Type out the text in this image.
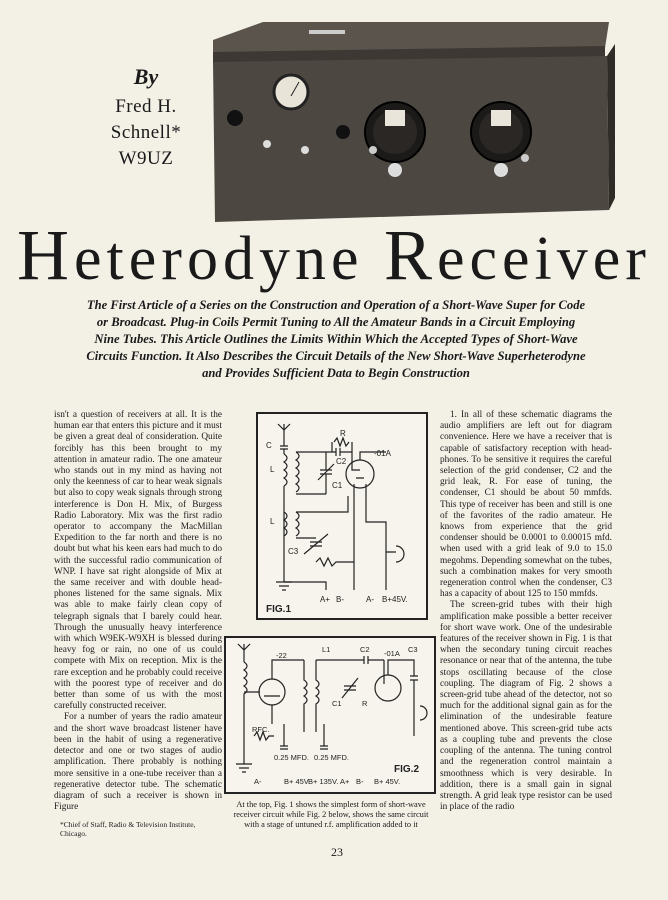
By
Fred H.
Schnell*
W9UZ
Heterodyne Receiver
The First Article of a Series on the Construction and Operation of a Short-Wave Super for Code or Broadcast. Plug-in Coils Permit Tuning to All the Amateur Bands in a Circuit Employing Nine Tubes. This Article Outlines the Limits Within Which the Accepted Types of Short-Wave Circuits Function. It Also Describes the Circuit Details of the New Short-Wave Superheterodyne and Provides Sufficient Data to Begin Construction

isn't a question of receivers at all. It is the human ear that enters this picture and it must be given a great deal of consideration. Quite forcibly has this been brought to my attention in amateur radio. The one amateur who stands out in my mind as having not only the keenness of car to hear weak signals but also to copy weak signals through strong interference is Don H. Mix, of Burgess Radio Laboratory. Mix was the first radio operator to accompany the MacMillan Expedition to the far north and there is no doubt but what his keen ears had much to do with the successful radio communication of WNP. I have sat right alongside of Mix at the same receiver and with double head-phones listened for the same signals. Mix was able to make fairly clean copy of telegraph signals that I barely could hear. Through the unusually heavy interference with which W9EK-W9XH is blessed during heavy fog or rain, no one of us could compete with Mix on reception. Mix is the rare exception and he probably could receive with the poorest type of receiver and do better than some of us with the most carefully constructed receiver.

For a number of years the radio amateur and the short wave broadcast listener have been in the habit of using a regenerative detector and one or two stages of audio amplification. There probably is nothing more sensitive in a one-tube receiver than a regenerative detector tube. The schematic diagram of such a receiver is shown in Figure

*Chief of Staff, Radio & Television Institute, Chicago.
C
L
L
C3
R
C2
C1
-01A
A+ B-	A- B+45V.
FIG.1
-22
L1	C2 -01A C3
RFC.
0.25 MFD. 0.25 MFD.
C1	R
A-	B+ 45V.
B+ 135V. A+ B- B+ 45V.
FIG.2
At the top, Fig. 1 shows the simplest form of short-wave receiver circuit while Fig. 2 below, shows the same circuit with a stage of untuned r.f. amplification added to it

1. In all of these schematic diagrams the audio amplifiers are left out for diagram convenience. Here we have a receiver that is capable of satisfactory reception with head-phones. To be sensitive it requires the careful selection of the grid condenser, C2 and the grid leak, R. For ease of tuning, the condenser, C1 should be about 50 mmfds. This type of receiver has been and still is one of the favorites of the radio amateur. He knows from experience that the grid condenser should be 0.0001 to 0.00015 mfd. when used with a grid leak of 9.0 to 15.0 megohms. Depending somewhat on the tubes, such a combination makes for very smooth regeneration control when the condenser, C3 has a capacity of about 125 to 150 mmfds.

The screen-grid tubes with their high amplification make possible a better receiver for short wave work. One of the undesirable features of the receiver shown in Fig. 1 is that when the secondary tuning circuit reaches resonance or near that of the antenna, the tube stops oscillating because of the close coupling. The diagram of Fig. 2 shows a screen-grid tube ahead of the detector, not so much for the additional signal gain as for the elimination of the undesirable feature mentioned above. This screen-grid tube acts as a coupling tube and prevents the close coupling of the antenna. The tuning control and the regeneration control maintain a smoothness which is very desirable. In addition, there is a small gain in signal strength. A grid leak type resistor can be used in place of the radio

23
